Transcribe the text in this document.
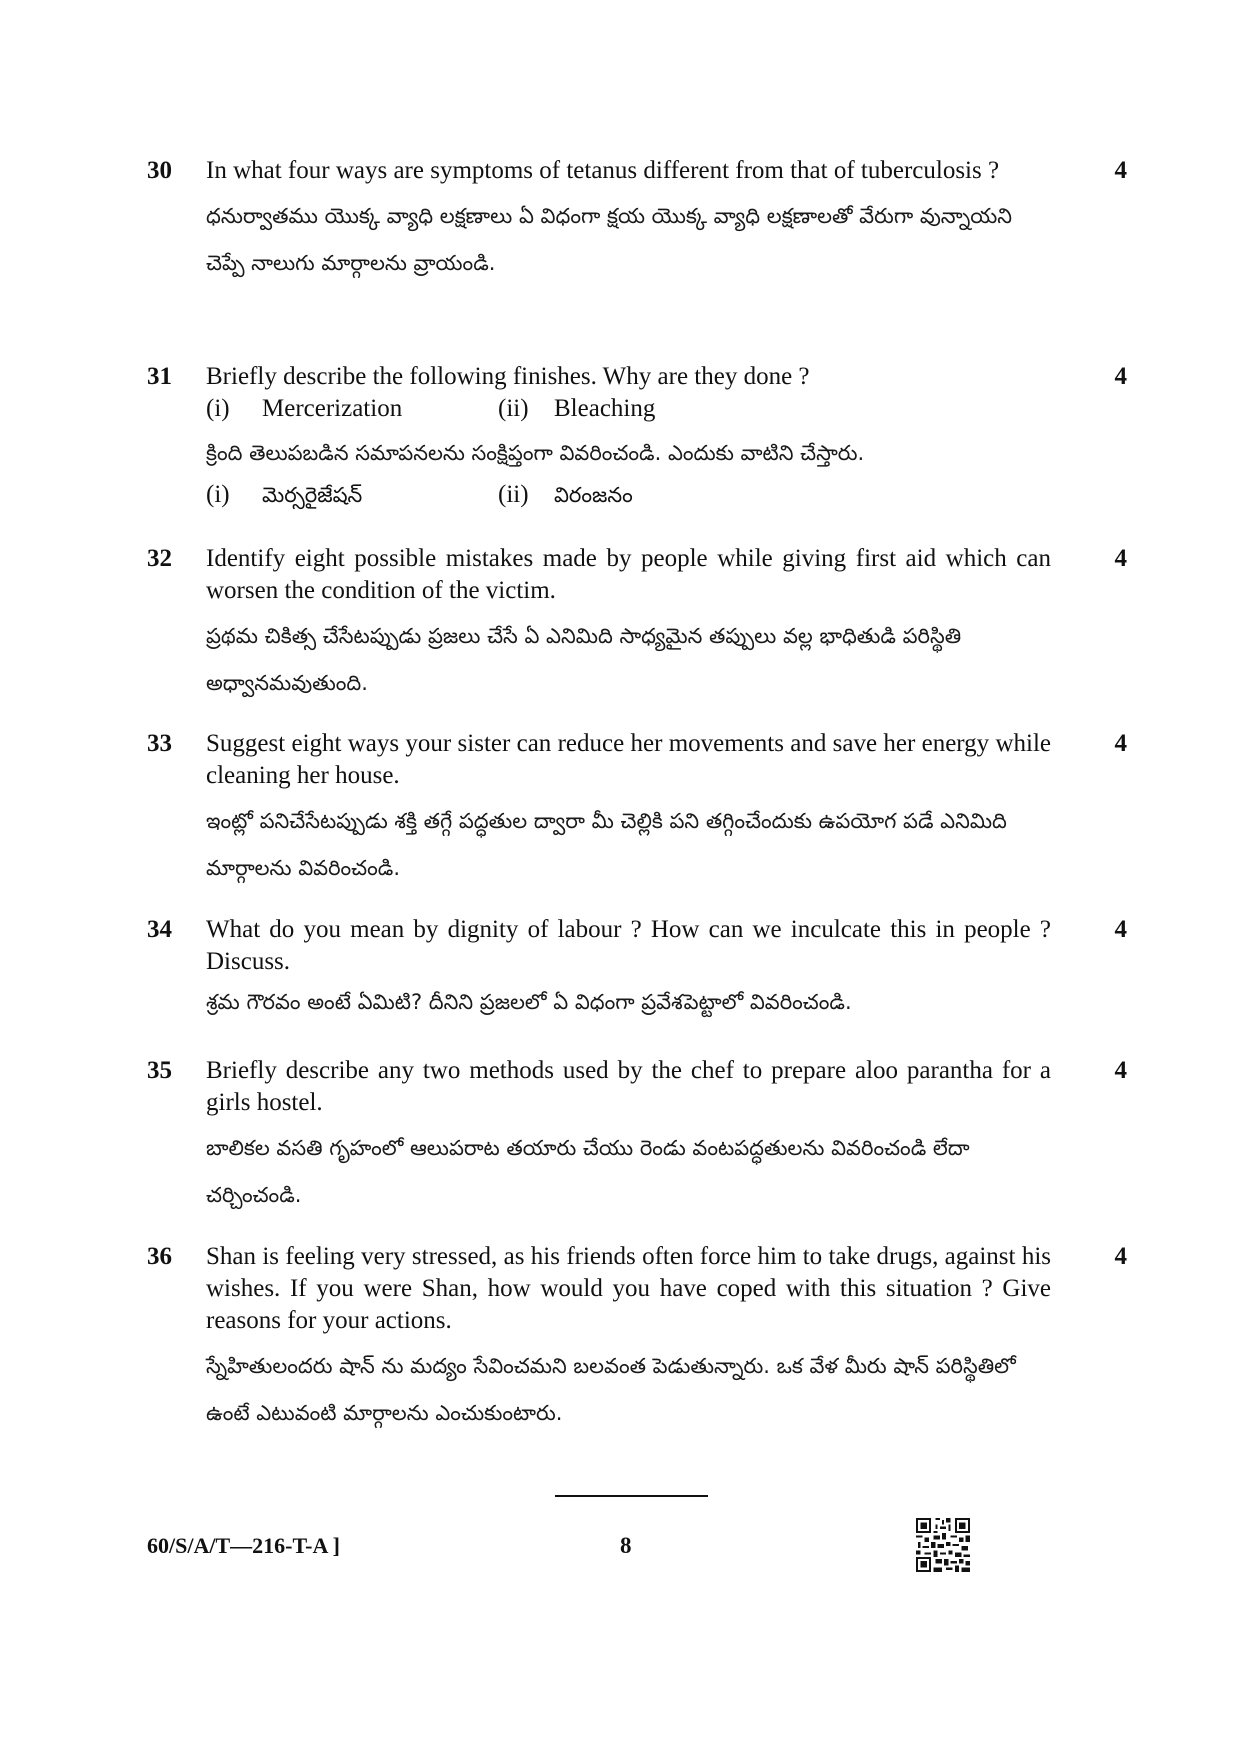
30 In what four ways are symptoms of tetanus different from that of tuberculosis ?

ధనుర్వాతము యొక్క వ్యాధి లక్షణాలు ఏ విధంగా క్షయ యొక్క వ్యాధి లక్షణాలతో వేరుగా వున్నాయని చెప్పే నాలుగు మార్గాలను వ్రాయండి.

4
31 Briefly describe the following finishes. Why are they done ?

(i)	Mercerization	(ii)	Bleaching

క్రింది తెలుపబడిన సమాపనలను సంక్షిప్తంగా వివరించండి. ఎందుకు వాటిని చేస్తారు.

(i)	మెర్సరైజేషన్	(ii)	విరంజనం
4
32 Identify eight possible mistakes made by people while giving first aid which can worsen the condition of the victim.

ప్రథమ చికిత్స చేసేటప్పుడు ప్రజలు చేసే ఏ ఎనిమిది సాధ్యమైన తప్పులు వల్ల భాధితుడి పరిస్థితి అధ్వానమవుతుంది.

4
33 Suggest eight ways your sister can reduce her movements and save her energy while cleaning her house.

ఇంట్లో పనిచేసేటప్పుడు శక్తి తగ్గే పద్ధతుల ద్వారా మీ చెల్లికి పని తగ్గించేందుకు ఉపయోగ పడే ఎనిమిది మార్గాలను వివరించండి.

4
34 What do you mean by dignity of labour ? How can we inculcate this in people ? Discuss.

శ్రమ గౌరవం అంటే ఏమిటి? దీనిని ప్రజలలో ఏ విధంగా ప్రవేశపెట్టాలో వివరించండి.

4
35 Briefly describe any two methods used by the chef to prepare aloo parantha for a girls hostel.

బాలికల వసతి గృహంలో ఆలుపరాట తయారు చేయు రెండు వంటపద్ధతులను వివరించండి లేదా చర్చించండి.

4
36 Shan is feeling very stressed, as his friends often force him to take drugs, against his wishes. If you were Shan, how would you have coped with this situation ? Give reasons for your actions.

స్నేహితులందరు షాన్ ను మద్యం సేవించమని బలవంత పెడుతున్నారు. ఒక వేళ మీరు షాన్ పరిస్థితిలో ఉంటే ఎటువంటి మార్గాలను ఎంచుకుంటారు.

4
60/S/A/T—216-T-A ]	8
